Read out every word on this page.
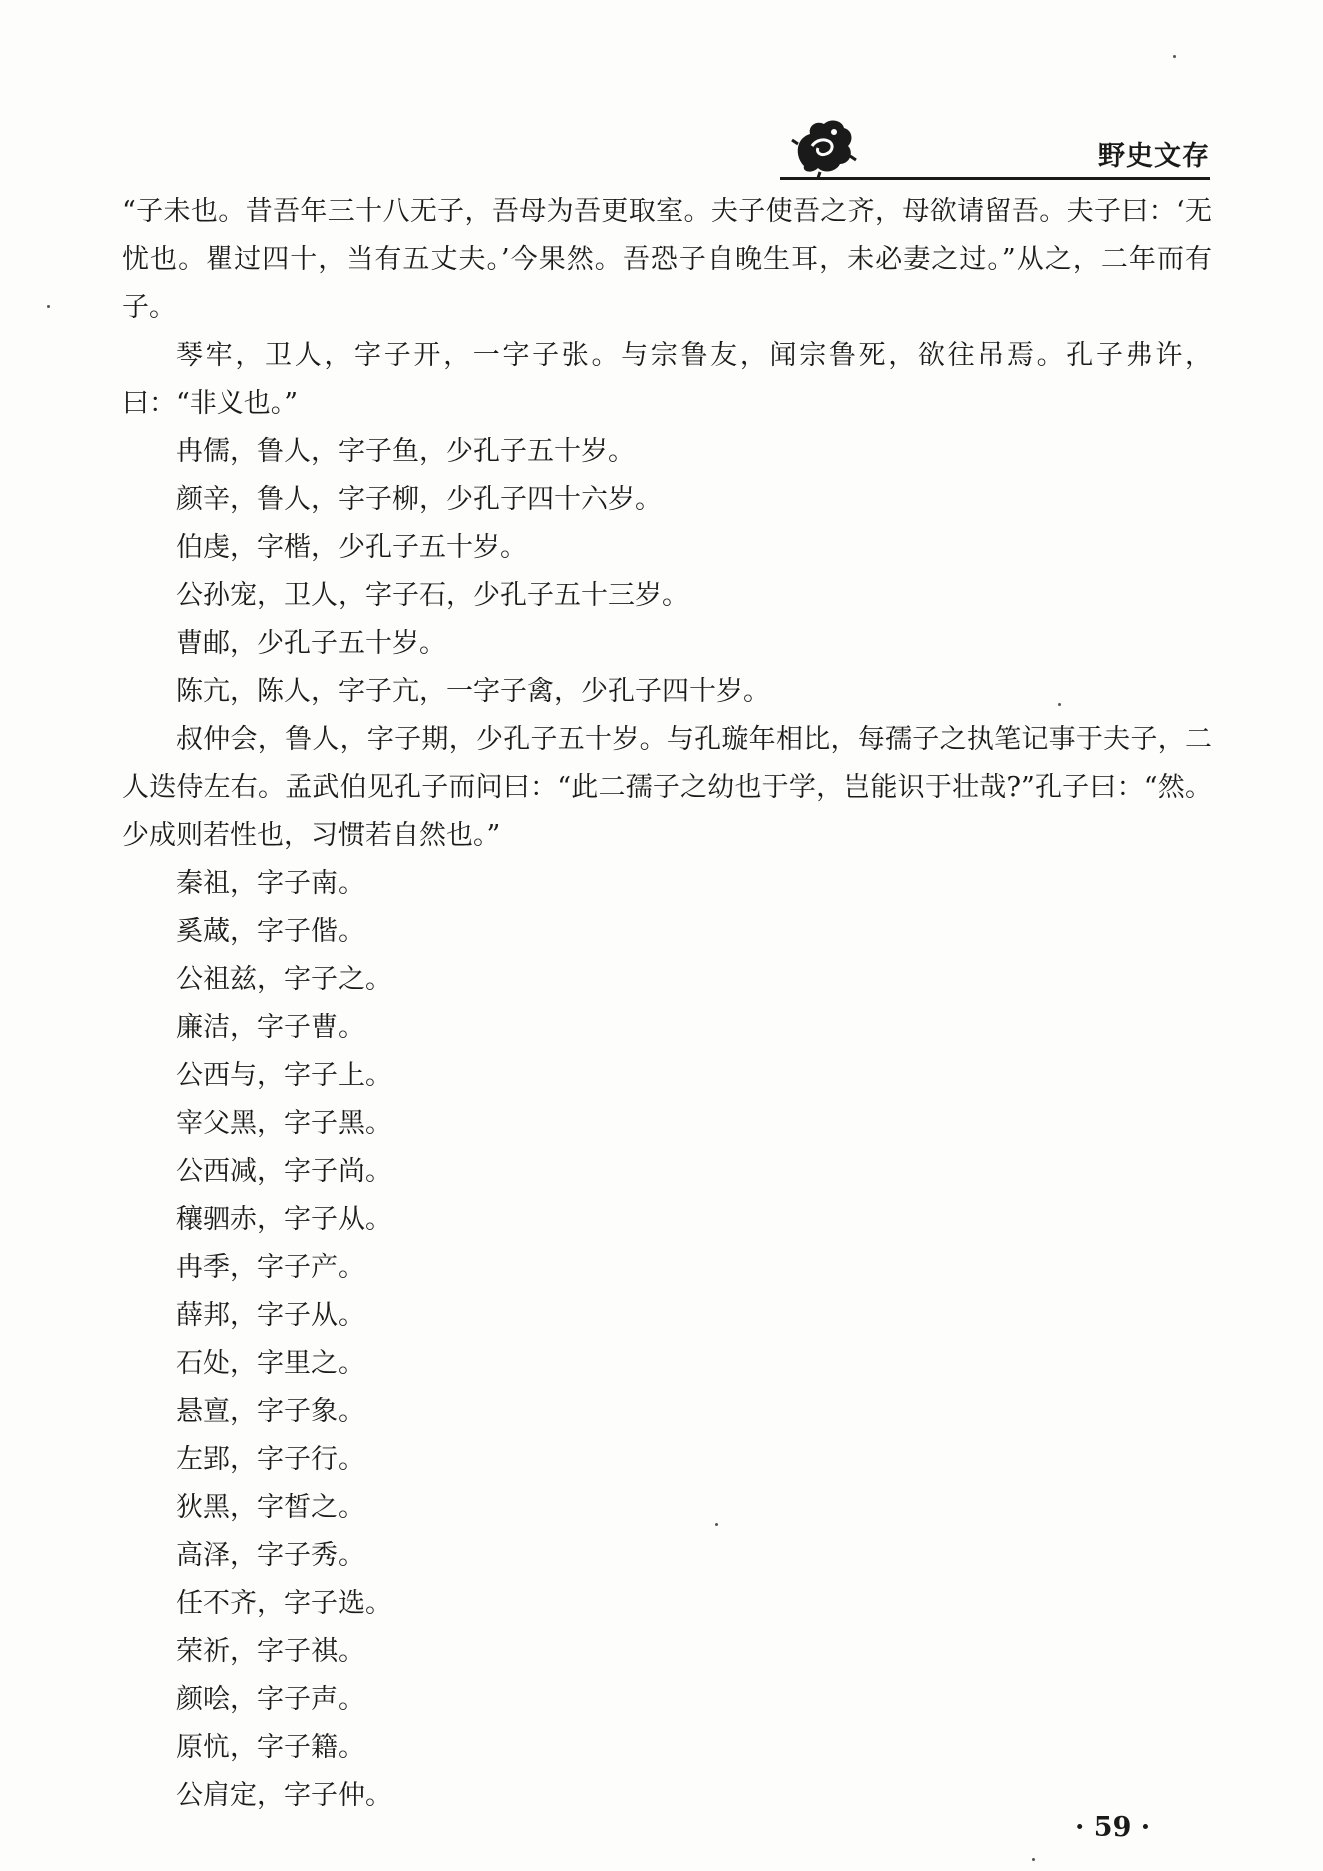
野史文存

“子未也。昔吾年三十八无子，吾母为吾更取室。夫子使吾之齐，母欲请留吾。夫子曰：‘无忧也。瞿过四十，当有五丈夫。’今果然。吾恐子自晚生耳，未必妻之过。”从之，二年而有子。

琴牢，卫人，字子开，一字子张。与宗鲁友，闻宗鲁死，欲往吊焉。孔子弗许，曰：“非义也。”

冉儒，鲁人，字子鱼，少孔子五十岁。

颜辛，鲁人，字子柳，少孔子四十六岁。

伯虔，字楷，少孔子五十岁。

公孙宠，卫人，字子石，少孔子五十三岁。

曹邮，少孔子五十岁。

陈亢，陈人，字子亢，一字子禽，少孔子四十岁。

叔仲会，鲁人，字子期，少孔子五十岁。与孔璇年相比，每孺子之执笔记事于夫子，二人迭侍左右。孟武伯见孔子而问曰：“此二孺子之幼也于学，岂能识于壮哉?”孔子曰：“然。少成则若性也，习惯若自然也。”

秦祖，字子南。

奚蒧，字子偕。

公祖兹，字子之。

廉洁，字子曹。

公西与，字子上。

宰父黑，字子黑。

公西减，字子尚。

穰驷赤，字子从。

冉季，字子产。

薛邦，字子从。

石处，字里之。

悬亶，字子象。

左郢，字子行。

狄黑，字皙之。

高泽，字子秀。

任不齐，字子选。

荣祈，字子祺。

颜哙，字子声。

原忼，字子籍。

公肩定，字子仲。

· 59 ·
